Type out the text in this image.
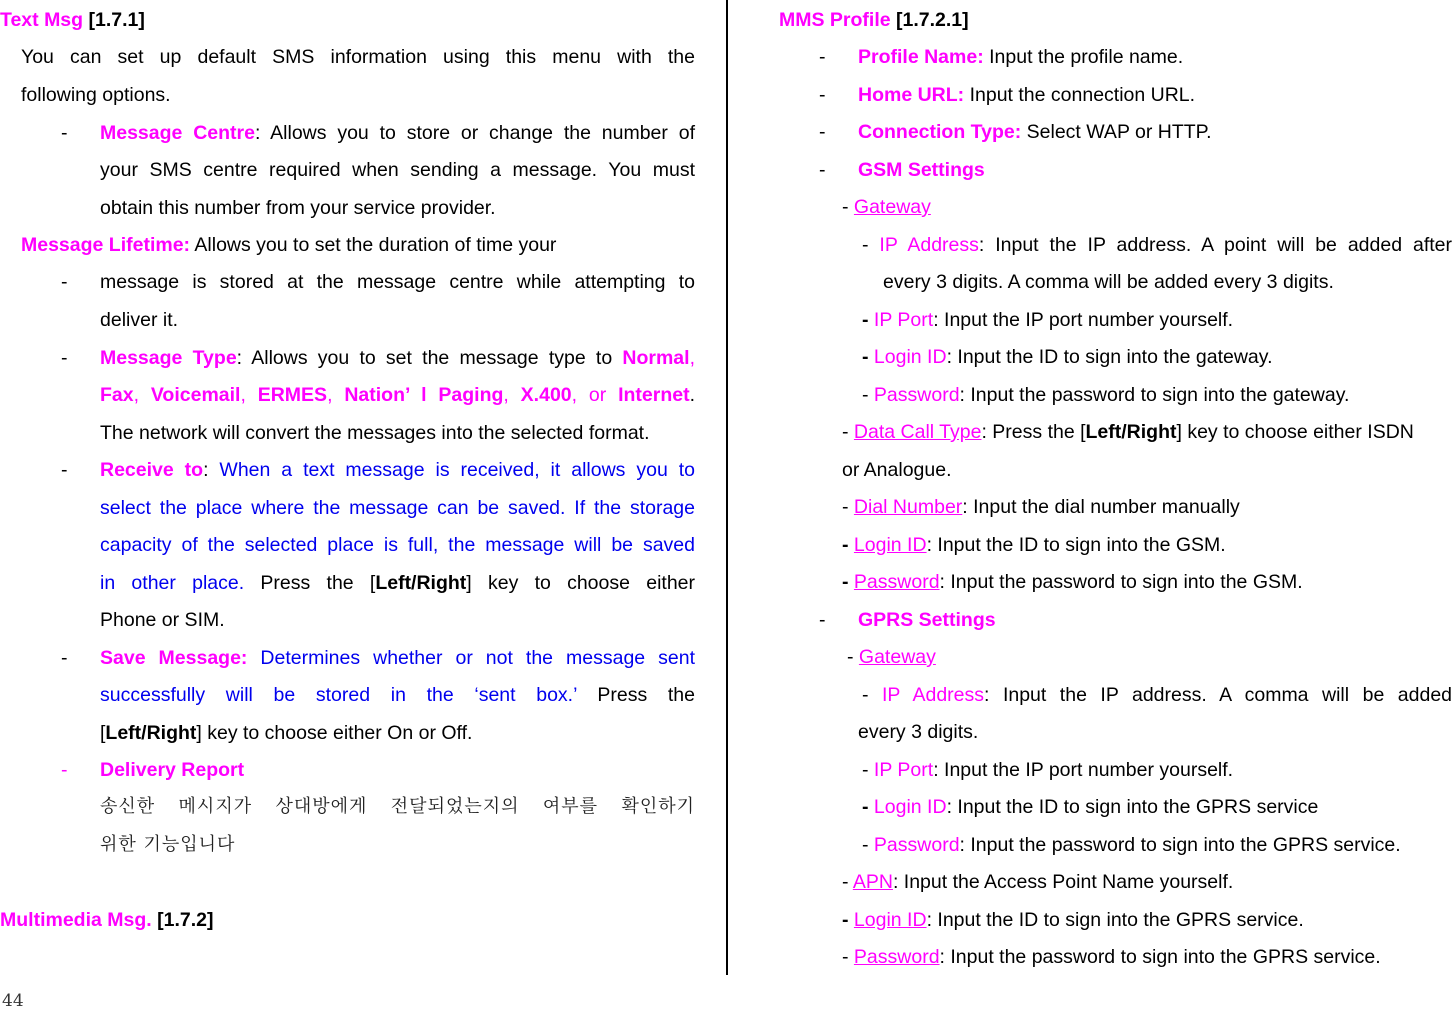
Text Msg [1.7.1]
You can set up default SMS information using this menu with the
following options.
- Message Centre: Allows you to store or change the number of
your SMS centre required when sending a message. You must
obtain this number from your service provider.
Message Lifetime: Allows you to set the duration of time your
- message is stored at the message centre while attempting to
deliver it.
- Message Type: Allows you to set the message type to Normal,
Fax, Voicemail, ERMES, Nation’ l Paging, X.400, or Internet.
The network will convert the messages into the selected format.
- Receive to: When a text message is received, it allows you to
select the place where the message can be saved. If the storage
capacity of the selected place is full, the message will be saved
in other place. Press the [Left/Right] key to choose either
Phone or SIM.
- Save Message: Determines whether or not the message sent
successfully will be stored in the ‘sent box.’ Press the
[Left/Right] key to choose either On or Off.
- Delivery Report
송신한 메시지가 상대방에게 전달되었는지의 여부를 확인하기
위한 기능입니다
Multimedia Msg. [1.7.2]
MMS Profile [1.7.2.1]
- Profile Name: Input the profile name.
- Home URL: Input the connection URL.
- Connection Type: Select WAP or HTTP.
- GSM Settings
- Gateway
- IP Address: Input the IP address. A point will be added after
every 3 digits. A comma will be added every 3 digits.
- IP Port: Input the IP port number yourself.
- Login ID: Input the ID to sign into the gateway.
- Password: Input the password to sign into the gateway.
- Data Call Type: Press the [Left/Right] key to choose either ISDN
or Analogue.
- Dial Number: Input the dial number manually
- Login ID: Input the ID to sign into the GSM.
- Password: Input the password to sign into the GSM.
- GPRS Settings
- Gateway
- IP Address: Input the IP address. A comma will be added
every 3 digits.
- IP Port: Input the IP port number yourself.
- Login ID: Input the ID to sign into the GPRS service
- Password: Input the password to sign into the GPRS service.
- APN: Input the Access Point Name yourself.
- Login ID: Input the ID to sign into the GPRS service.
- Password: Input the password to sign into the GPRS service.
44
